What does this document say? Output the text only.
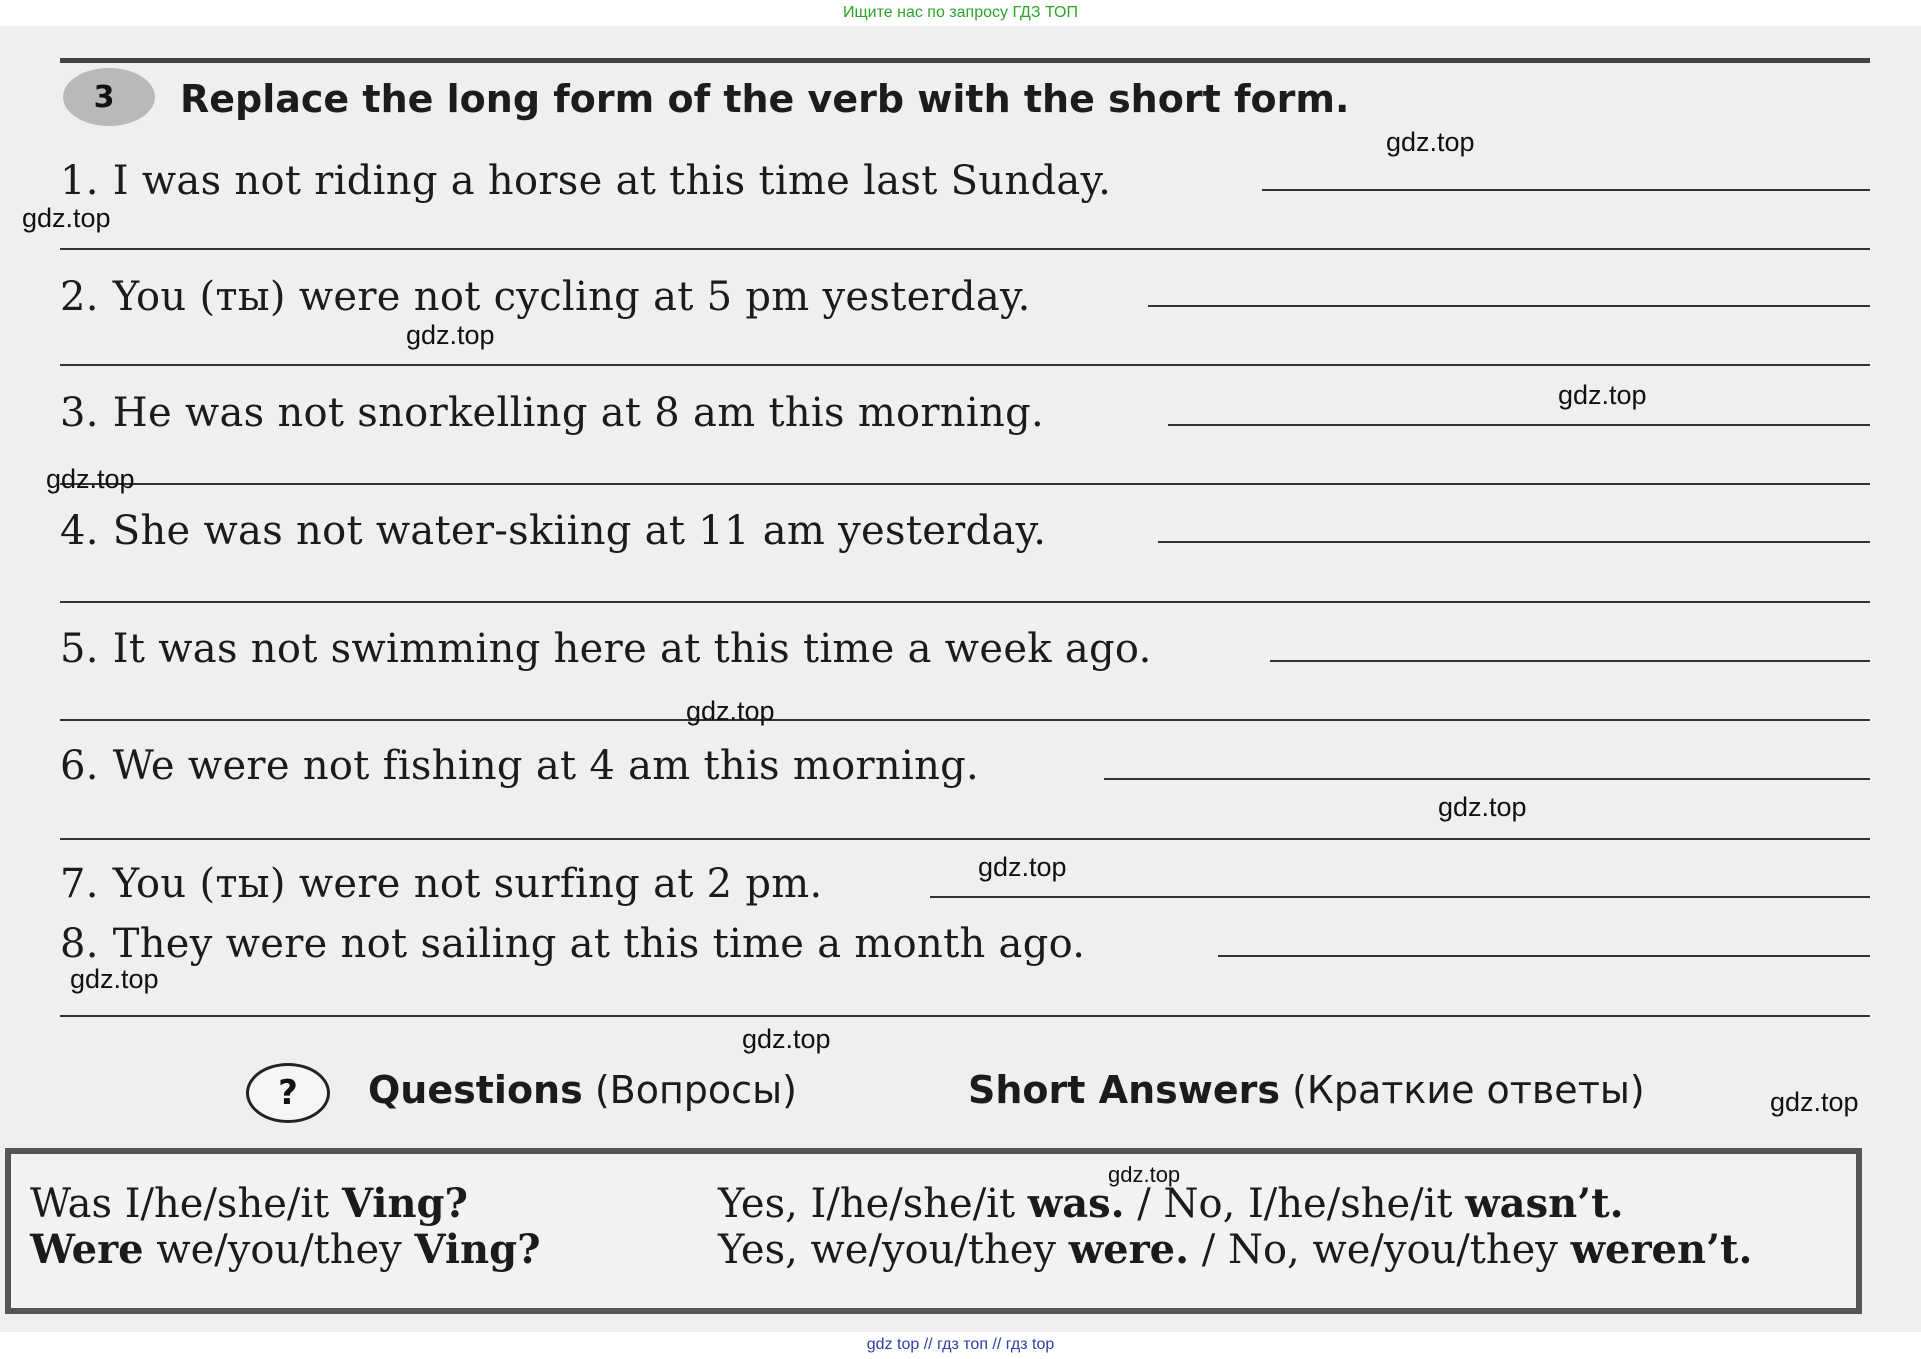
Ищите нас по запросу ГДЗ ТОП
3	Replace the long form of the verb with the short form.
1. I was not riding a horse at this time last Sunday.
2. You (ты) were not cycling at 5 pm yesterday.
3. He was not snorkelling at 8 am this morning.
4. She was not water-skiing at 11 am yesterday.
5. It was not swimming here at this time a week ago.
6. We were not fishing at 4 am this morning.
7. You (ты) were not surfing at 2 pm.
8. They were not sailing at this time a month ago.
?	Questions (Вопросы)	Short Answers (Краткие ответы)
Was I/he/she/it Ving?	Yes, I/he/she/it was. / No, I/he/she/it wasn’t.
Were we/you/they Ving?	Yes, we/you/they were. / No, we/you/they weren’t.
gdz.top
gdz.top
gdz.top
gdz.top
gdz.top
gdz.top
gdz.top
gdz.top
gdz.top
gdz.top
gdz.top
gdz.top
gdz top // гдз топ // гдз top
